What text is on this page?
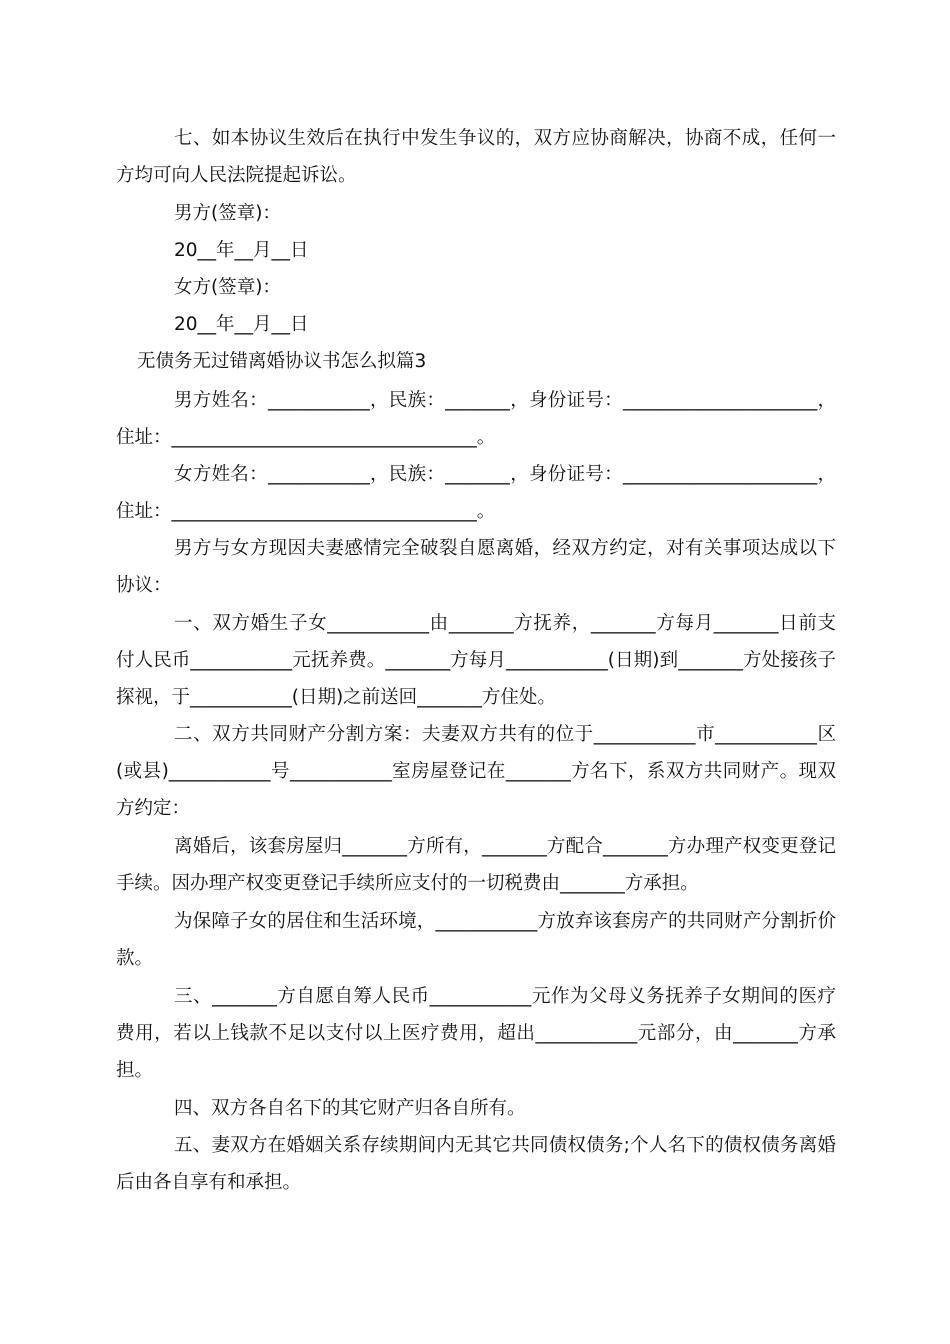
七、如本协议生效后在执行中发生争议的，双方应协商解决，协商不成，任何一方均可向人民法院提起诉讼。

男方(签章)：

20__年__月__日

女方(签章)：

20__年__月__日

无债务无过错离婚协议书怎么拟篇3

男方姓名：___________，民族：_______，身份证号：_____________________，住址：_________________________________。

女方姓名：___________，民族：_______，身份证号：_____________________，住址：_________________________________。

男方与女方现因夫妻感情完全破裂自愿离婚，经双方约定，对有关事项达成以下协议：

一、双方婚生子女___________由_______方抚养，_______方每月_______日前支付人民币___________元抚养费。_______方每月___________(日期)到_______方处接孩子探视，于___________(日期)之前送回_______方住处。

二、双方共同财产分割方案：夫妻双方共有的位于___________市___________区(或县)___________号___________室房屋登记在_______方名下，系双方共同财产。现双方约定：

离婚后，该套房屋归_______方所有，_______方配合_______方办理产权变更登记手续。因办理产权变更登记手续所应支付的一切税费由_______方承担。

为保障子女的居住和生活环境，___________方放弃该套房产的共同财产分割折价款。

三、_______方自愿自筹人民币___________元作为父母义务抚养子女期间的医疗费用，若以上钱款不足以支付以上医疗费用，超出___________元部分，由_______方承担。

四、双方各自名下的其它财产归各自所有。

五、妻双方在婚姻关系存续期间内无其它共同债权债务;个人名下的债权债务离婚后由各自享有和承担。
